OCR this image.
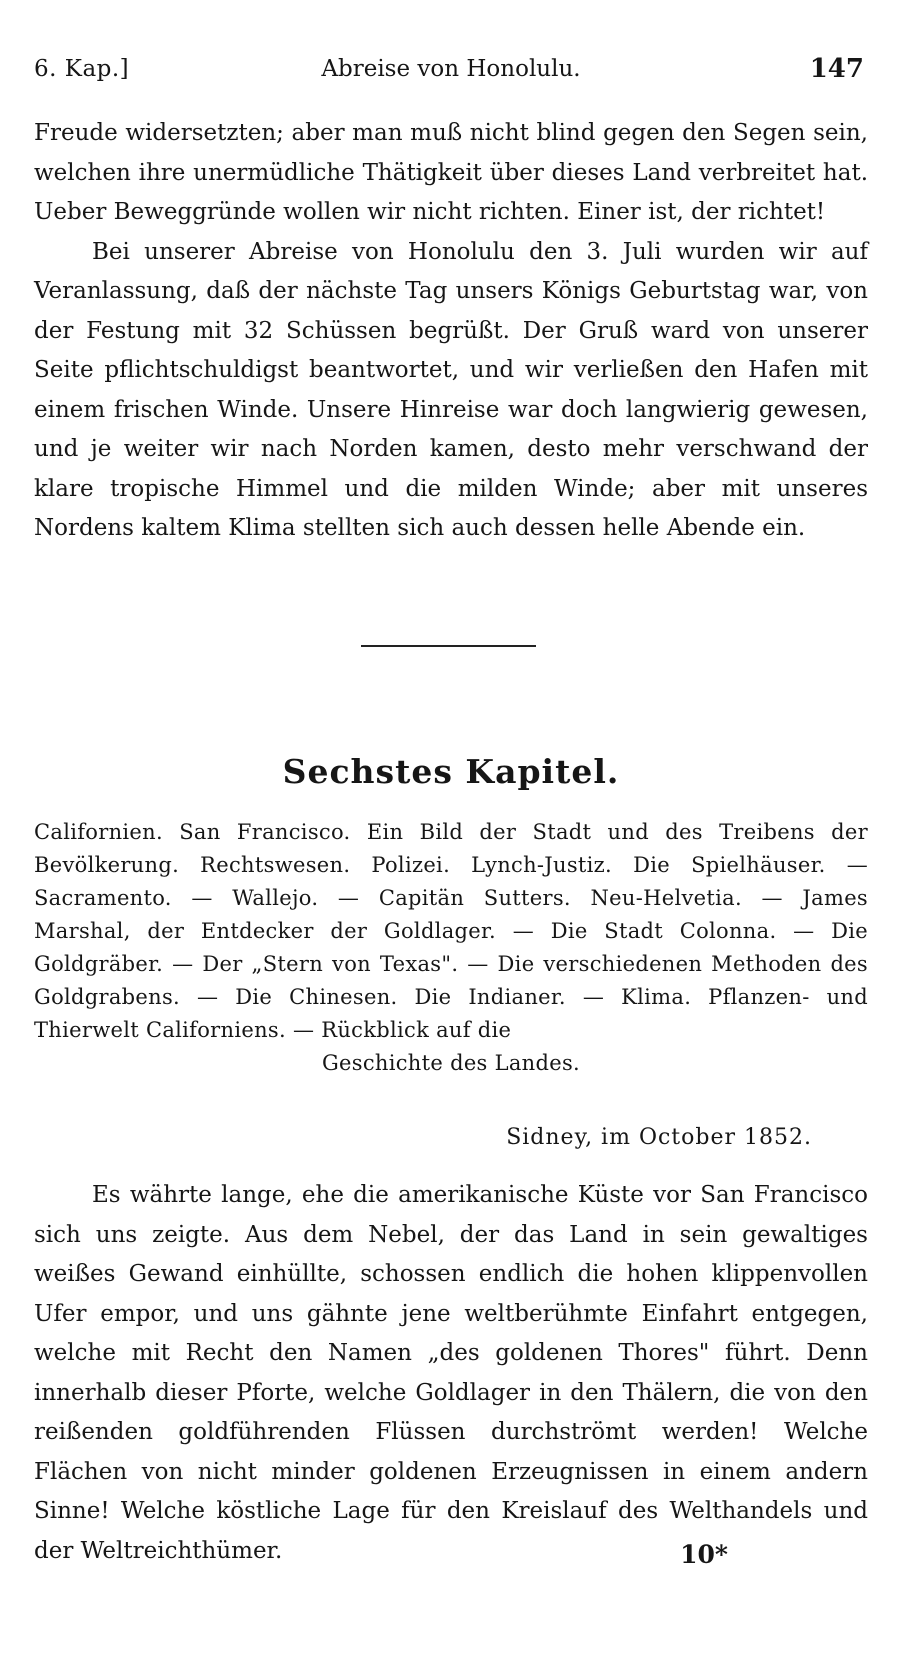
6. Kap.]	Abreise von Honolulu.	147

Freude widersetzten; aber man muß nicht blind gegen den Segen sein, welchen ihre unermüdliche Thätigkeit über dieses Land verbreitet hat. Ueber Beweggründe wollen wir nicht richten. Einer ist, der richtet!

Bei unserer Abreise von Honolulu den 3. Juli wurden wir auf Veranlassung, daß der nächste Tag unsers Königs Geburtstag war, von der Festung mit 32 Schüssen begrüßt. Der Gruß ward von unserer Seite pflichtschuldigst beantwortet, und wir verließen den Hafen mit einem frischen Winde. Unsere Hinreise war doch langwierig gewesen, und je weiter wir nach Norden kamen, desto mehr verschwand der klare tropische Himmel und die milden Winde; aber mit unseres Nordens kaltem Klima stellten sich auch dessen helle Abende ein.

Sechstes Kapitel.

Californien. San Francisco. Ein Bild der Stadt und des Treibens der Bevölkerung. Rechtswesen. Polizei. Lynch-Justiz. Die Spielhäuser. — Sacramento. — Wallejo. — Capitän Sutters. Neu-Helvetia. — James Marshal, der Entdecker der Goldlager. — Die Stadt Colonna. — Die Goldgräber. — Der „Stern von Texas". — Die verschiedenen Methoden des Goldgrabens. — Die Chinesen. Die Indianer. — Klima. Pflanzen- und Thierwelt Californiens. — Rückblick auf die

Geschichte des Landes.

Sidney, im October 1852.

Es währte lange, ehe die amerikanische Küste vor San Francisco sich uns zeigte. Aus dem Nebel, der das Land in sein gewaltiges weißes Gewand einhüllte, schossen endlich die hohen klippenvollen Ufer empor, und uns gähnte jene weltberühmte Einfahrt entgegen, welche mit Recht den Namen „des goldenen Thores" führt. Denn innerhalb dieser Pforte, welche Goldlager in den Thälern, die von den reißenden goldführenden Flüssen durchströmt werden! Welche Flächen von nicht minder goldenen Erzeugnissen in einem andern Sinne! Welche köstliche Lage für den Kreislauf des Welthandels und der Weltreichthümer.	10*
